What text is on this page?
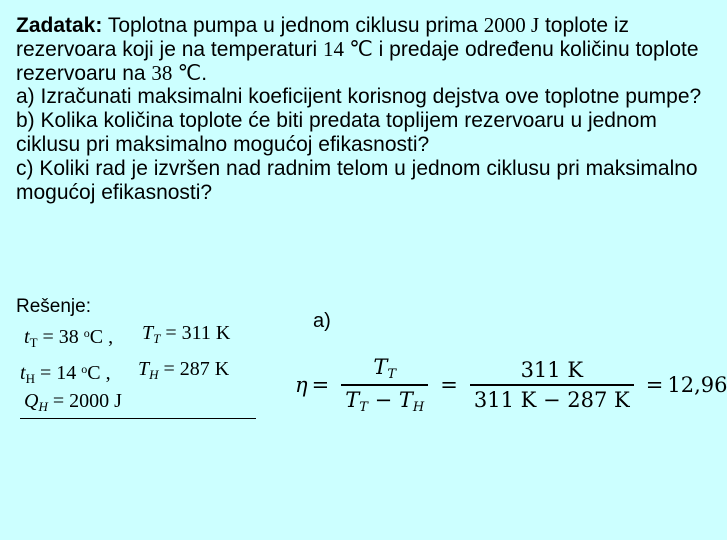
Zadatak: Toplotna pumpa u jednom ciklusu prima 2000 J toplote iz rezervoara koji je na temperaturi 14 ℃ i predaje određenu količinu toplote rezervoaru na 38 ℃.

a) Izračunati maksimalni koeficijent korisnog dejstva ove toplotne pumpe?

b) Kolika količina toplote će biti predata toplijem rezervoaru u jednom ciklusu pri maksimalno mogućoj efikasnosti?

c) Koliki rad je izvršen nad radnim telom u jednom ciklusu pri maksimalno mogućoj efikasnosti?

Rešenje:
$t_T = 38$ $^o$C , $T_T = 311$ K
$t_H = 14$ $^o$C , $T_H = 287$ K
$Q_H = 2000$ J
a)
$\eta = \frac{T_T}{T_T - T_H} = \frac{311 K}{311 K - 287 K} = 12,96$
